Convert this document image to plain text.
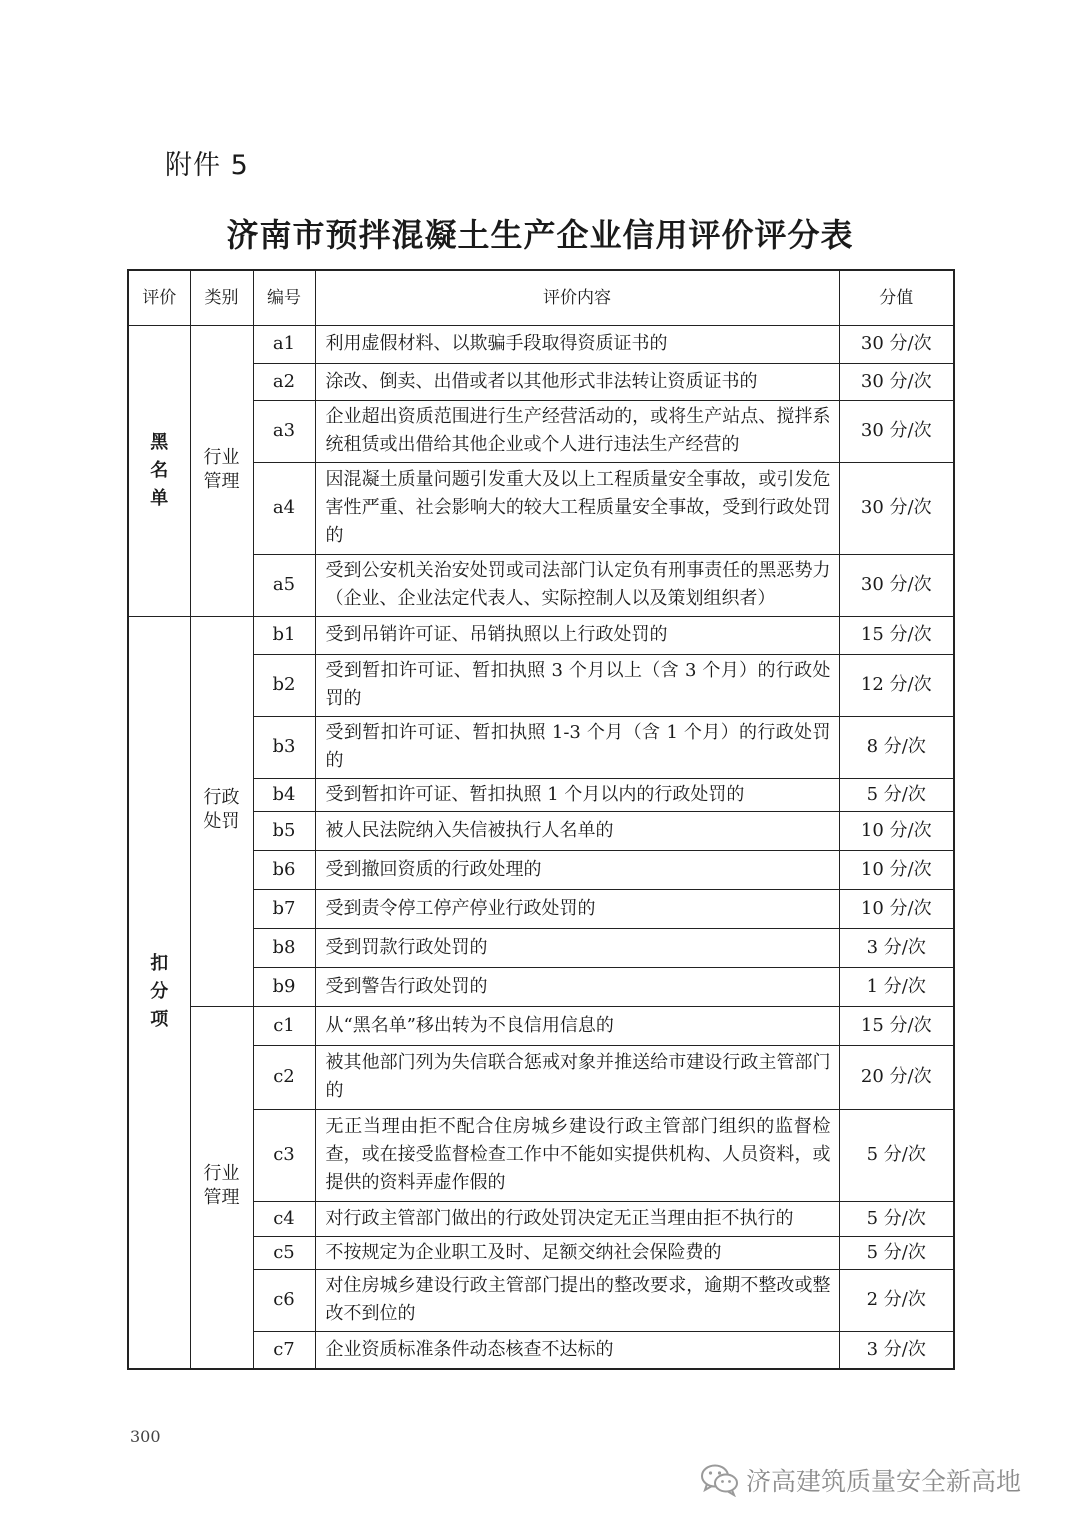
附件 5
济南市预拌混凝土生产企业信用评价评分表
评价	类别	编号	评价内容	分值
黑名单	行业管理	a1	利用虚假材料、以欺骗手段取得资质证书的	30 分/次
		a2	涂改、倒卖、出借或者以其他形式非法转让资质证书的	30 分/次
		a3	企业超出资质范围进行生产经营活动的，或将生产站点、搅拌系统租赁或出借给其他企业或个人进行违法生产经营的	30 分/次
		a4	因混凝土质量问题引发重大及以上工程质量安全事故，或引发危害性严重、社会影响大的较大工程质量安全事故，受到行政处罚的	30 分/次
		a5	受到公安机关治安处罚或司法部门认定负有刑事责任的黑恶势力（企业、企业法定代表人、实际控制人以及策划组织者）	30 分/次
扣分项	行政处罚	b1	受到吊销许可证、吊销执照以上行政处罚的	15 分/次
		b2	受到暂扣许可证、暂扣执照 3 个月以上（含 3 个月）的行政处罚的	12 分/次
		b3	受到暂扣许可证、暂扣执照 1-3 个月（含 1 个月）的行政处罚的	8 分/次
		b4	受到暂扣许可证、暂扣执照 1 个月以内的行政处罚的	5 分/次
		b5	被人民法院纳入失信被执行人名单的	10 分/次
		b6	受到撤回资质的行政处理的	10 分/次
		b7	受到责令停工停产停业行政处罚的	10 分/次
		b8	受到罚款行政处罚的	3 分/次
		b9	受到警告行政处罚的	1 分/次
	行业管理	c1	从“黑名单”移出转为不良信用信息的	15 分/次
		c2	被其他部门列为失信联合惩戒对象并推送给市建设行政主管部门的	20 分/次
		c3	无正当理由拒不配合住房城乡建设行政主管部门组织的监督检查，或在接受监督检查工作中不能如实提供机构、人员资料，或提供的资料弄虚作假的	5 分/次
		c4	对行政主管部门做出的行政处罚决定无正当理由拒不执行的	5 分/次
		c5	不按规定为企业职工及时、足额交纳社会保险费的	5 分/次
		c6	对住房城乡建设行政主管部门提出的整改要求，逾期不整改或整改不到位的	2 分/次
		c7	企业资质标准条件动态核查不达标的	3 分/次
300
济高建筑质量安全新高地
